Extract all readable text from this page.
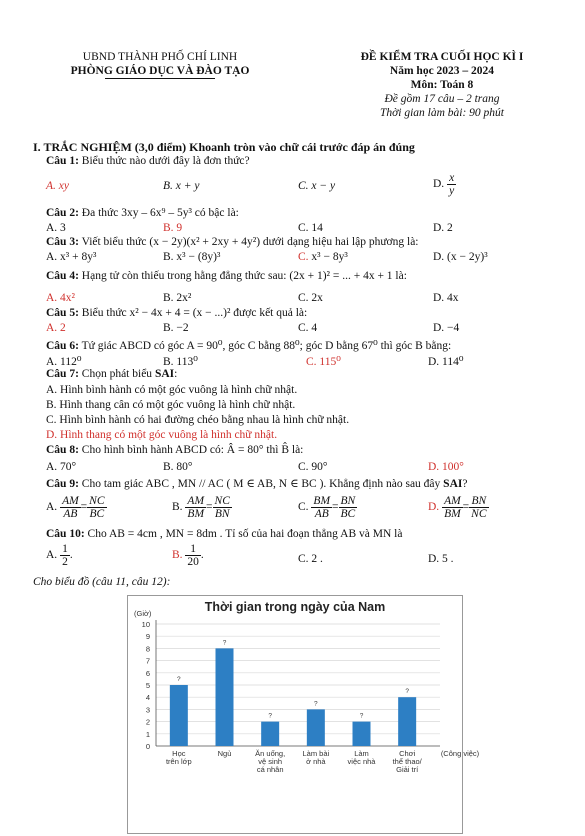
UBND THÀNH PHỐ CHÍ LINH
PHÒNG GIÁO DỤC VÀ ĐÀO TẠO
ĐỀ KIỂM TRA CUỐI HỌC KÌ I
Năm học 2023 – 2024
Môn: Toán 8
Đề gồm 17 câu – 2 trang
Thời gian làm bài: 90 phút
I. TRẮC NGHIỆM (3,0 điểm) Khoanh tròn vào chữ cái trước đáp án đúng
Câu 1: Biểu thức nào dưới đây là đơn thức?
A. xy	B. x + y	C. x − y	D. $\frac{x}{y}$
Câu 2: Đa thức 3xy – 6x⁹ – 5y³ có bậc là:
A. 3	B. 9	C. 14	D. 2
Câu 3: Viết biểu thức (x − 2y)(x² + 2xy + 4y²) dưới dạng hiệu hai lập phương là:
A. x³ + 8y³	B. x³ − (8y)³	C. x³ − 8y³	D. (x − 2y)³
Câu 4: Hạng tử còn thiếu trong hằng đẳng thức sau: (2x + 1)² = ... + 4x + 1 là:
A. 4x²	B. 2x²	C. 2x	D. 4x
Câu 5: Biểu thức x² − 4x + 4 = (x − ...)² được kết quả là:
A. 2	B. −2	C. 4	D. −4
Câu 6: Tứ giác ABCD có góc A = 90⁰, góc C bằng 88⁰; góc D bằng 67⁰ thì góc B bằng:
A. 112⁰	B. 113⁰	C. 115⁰	D. 114⁰
Câu 7: Chọn phát biểu SAI:
A. Hình bình hành có một góc vuông là hình chữ nhật.
B. Hình thang cân có một góc vuông là hình chữ nhật.
C. Hình bình hành có hai đường chéo bằng nhau là hình chữ nhật.
D. Hình thang có một góc vuông là hình chữ nhật.
Câu 8: Cho hình bình hành ABCD có: Â = 80° thì B̂ là:
A. 70°	B. 80°	C. 90°	D. 100°
Câu 9: Cho tam giác ABC , MN // AC ( M ∈ AB, N ∈ BC ). Khẳng định nào sau đây SAI?
A. $\frac{AM}{AB} = \frac{NC}{BC}$	B. $\frac{AM}{BM} = \frac{NC}{BN}$	C. $\frac{BM}{AB} = \frac{BN}{BC}$	D. $\frac{AM}{BM} = \frac{BN}{NC}$
Câu 10: Cho AB = 4cm , MN = 8dm . Tỉ số của hai đoạn thẳng AB và MN là
A. $\frac{1}{2}$ .	B. $\frac{1}{20}$ .	C. 2 .	D. 5 .
Cho biểu đồ (câu 11, câu 12):
Thời gian trong ngày của Nam
(Giờ)
0
1
2
3
4
5
6
7
8
9
10
?
Học
trên lớp
?
Ngủ
?
Ăn uống,
vệ sinh
cá nhân
?
Làm bài
ở nhà
?
Làm
việc nhà
?
Chơi
thể thao/
Giải trí
(Công việc)
